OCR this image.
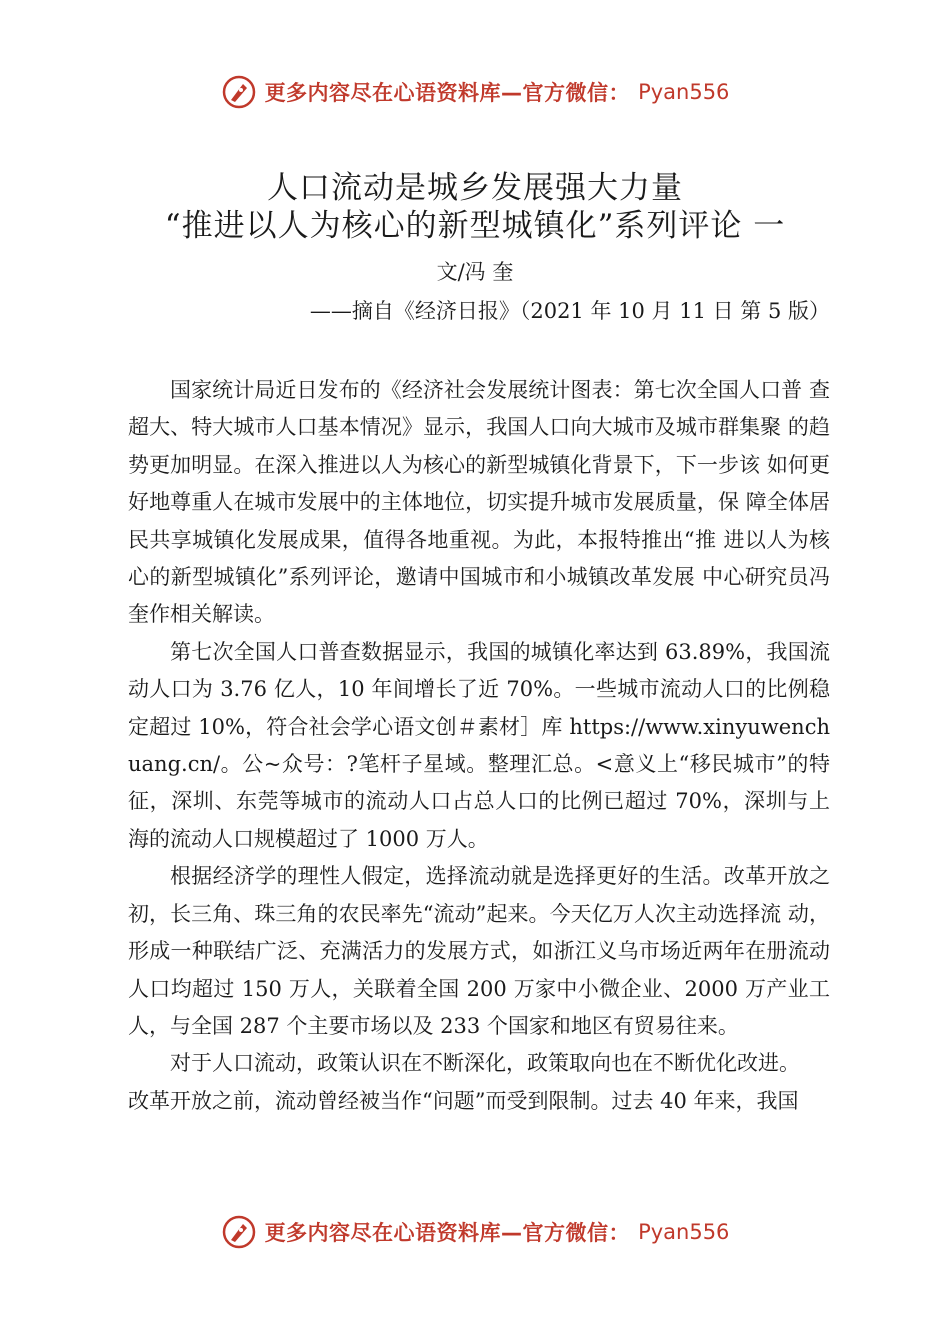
更多内容尽在心语资料库—官方微信： Pyan556
人口流动是城乡发展强大力量
“推进以人为核心的新型城镇化”系列评论 一
文/冯 奎
——摘自《经济日报》（2021 年 10 月 11 日 第 5 版）

国家统计局近日发布的《经济社会发展统计图表：第七次全国人口普 查超大、特大城市人口基本情况》显示，我国人口向大城市及城市群集聚 的趋势更加明显。在深入推进以人为核心的新型城镇化背景下，下一步该 如何更好地尊重人在城市发展中的主体地位，切实提升城市发展质量，保 障全体居民共享城镇化发展成果，值得各地重视。为此，本报特推出“推 进以人为核心的新型城镇化”系列评论，邀请中国城市和小城镇改革发展 中心研究员冯奎作相关解读。

第七次全国人口普查数据显示，我国的城镇化率达到 63.89%，我国流动人口为 3.76 亿人，10 年间增长了近 70%。一些城市流动人口的比例稳定超过 10%，符合社会学心语文创＃素材］库 https://www.xinyuwenchuang.cn/。公~众号：?笔杆子星域。整理汇总。<意义上“移民城市”的特征，深圳、东莞等城市的流动人口占总人口的比例已超过 70%，深圳与上海的流动人口规模超过了 1000 万人。

根据经济学的理性人假定，选择流动就是选择更好的生活。改革开放之初，长三角、珠三角的农民率先“流动”起来。今天亿万人次主动选择流 动，形成一种联结广泛、充满活力的发展方式，如浙江义乌市场近两年在册流动人口均超过 150 万人，关联着全国 200 万家中小微企业、2000 万产业工人，与全国 287 个主要市场以及 233 个国家和地区有贸易往来。

对于人口流动，政策认识在不断深化，政策取向也在不断优化改进。

改革开放之前，流动曾经被当作“问题”而受到限制。过去 40 年来，我国

更多内容尽在心语资料库—官方微信： Pyan556
